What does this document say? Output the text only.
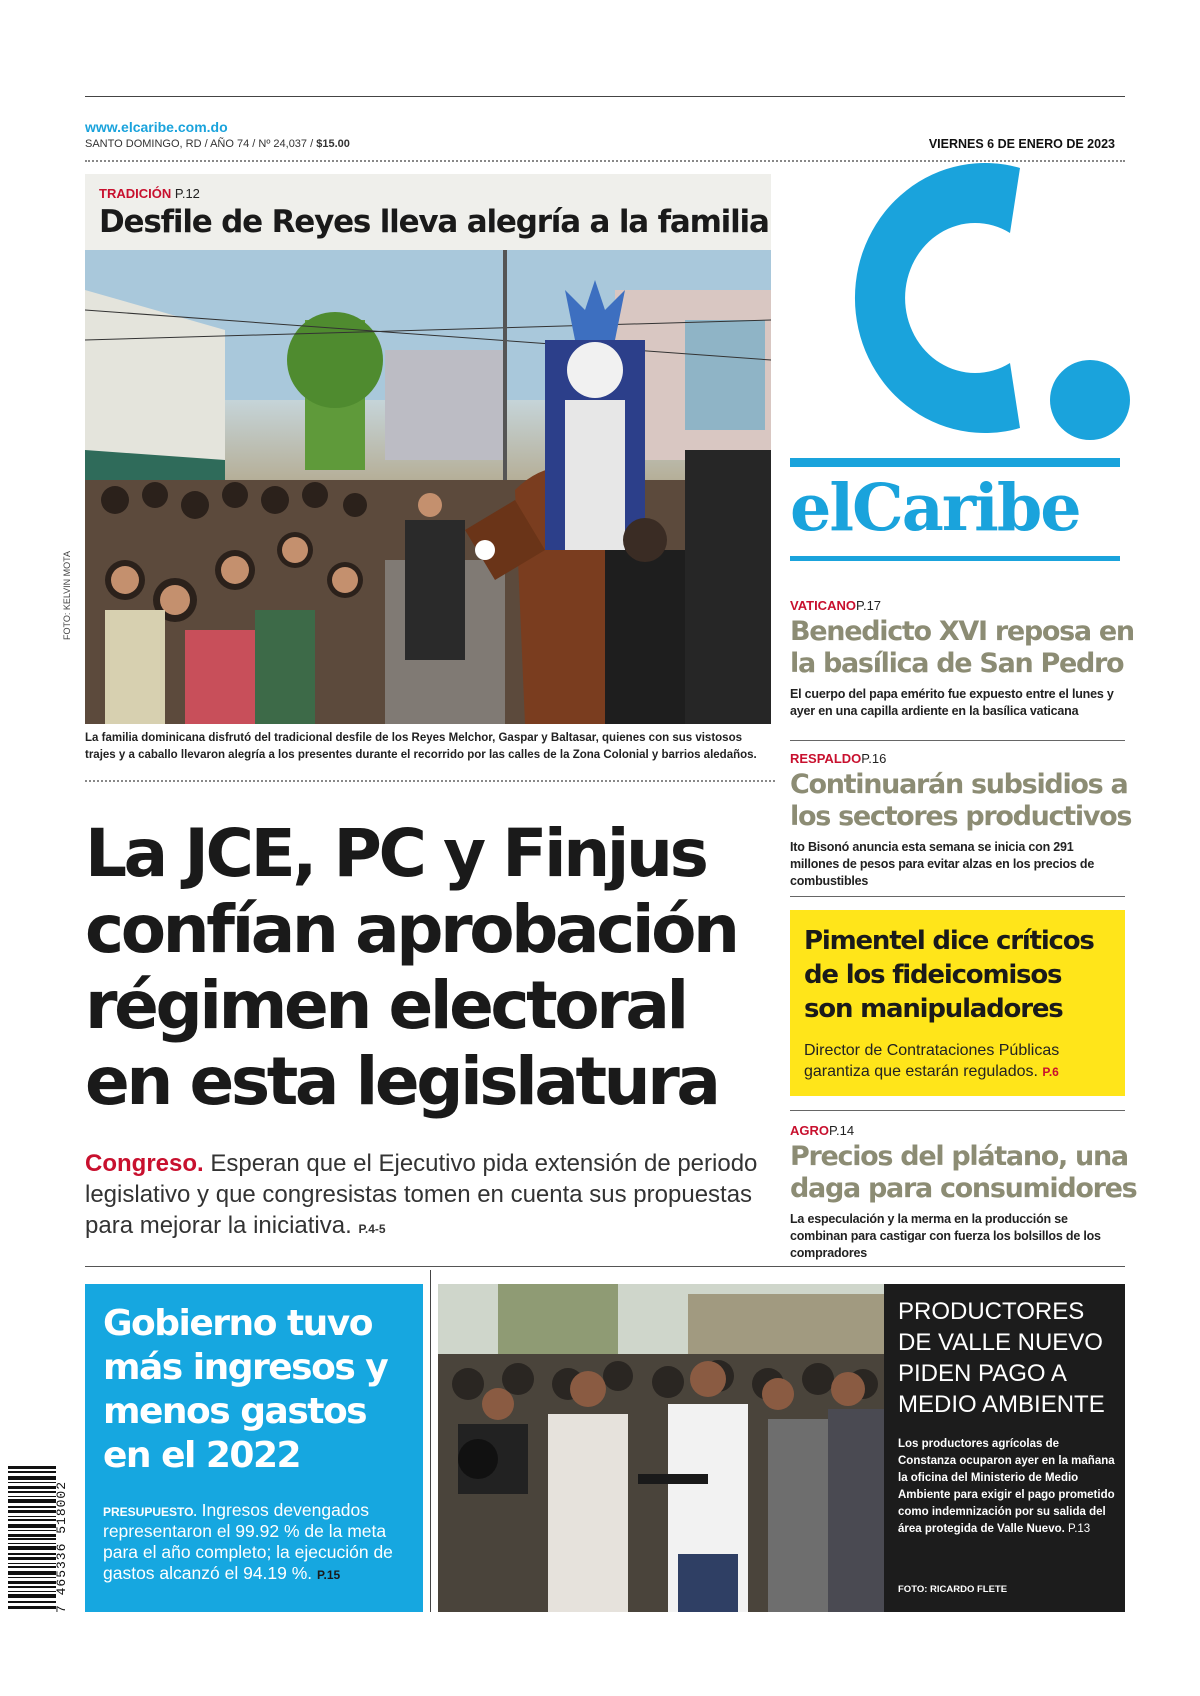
www.elcaribe.com.do
SANTO DOMINGO, RD / AÑO 74 / Nº 24,037 / $15.00	VIERNES 6 DE ENERO DE 2023
TRADICIÓN P.12
Desfile de Reyes lleva alegría a la familia
FOTO: KELVIN MOTA
La familia dominicana disfrutó del tradicional desfile de los Reyes Melchor, Gaspar y Baltasar, quienes con sus vistosos trajes y a caballo llevaron alegría a los presentes durante el recorrido por las calles de la Zona Colonial y barrios aledaños.
La JCE, PC y Finjus
confían aprobación
régimen electoral
en esta legislatura
Congreso. Esperan que el Ejecutivo pida extensión de periodo legislativo y que congresistas tomen en cuenta sus propuestas para mejorar la iniciativa. P.4-5
elCaribe
VATICANOP.17
Benedicto XVI reposa en
la basílica de San Pedro
El cuerpo del papa emérito fue expuesto entre el lunes y ayer en una capilla ardiente en la basílica vaticana
RESPALDOP.16
Continuarán subsidios a
los sectores productivos
Ito Bisonó anuncia esta semana se inicia con 291 millones de pesos para evitar alzas en los precios de combustibles
Pimentel dice críticos
de los fideicomisos
son manipuladores
Director de Contrataciones Públicas garantiza que estarán regulados. P.6
AGROP.14
Precios del plátano, una
daga para consumidores
La especulación y la merma en la producción se combinan para castigar con fuerza los bolsillos de los compradores
Gobierno tuvo
más ingresos y
menos gastos
en el 2022
PRESUPUESTO. Ingresos devengados representaron el 99.92 % de la meta para el año completo; la ejecución de gastos alcanzó el 94.19 %. P.15
PRODUCTORES
DE VALLE NUEVO
PIDEN PAGO A
MEDIO AMBIENTE
Los productores agrícolas de Constanza ocuparon ayer en la mañana la oficina del Ministerio de Medio Ambiente para exigir el pago prometido como indemnización por su salida del área protegida de Valle Nuevo. P.13
FOTO: RICARDO FLETE
7 465336 518002
